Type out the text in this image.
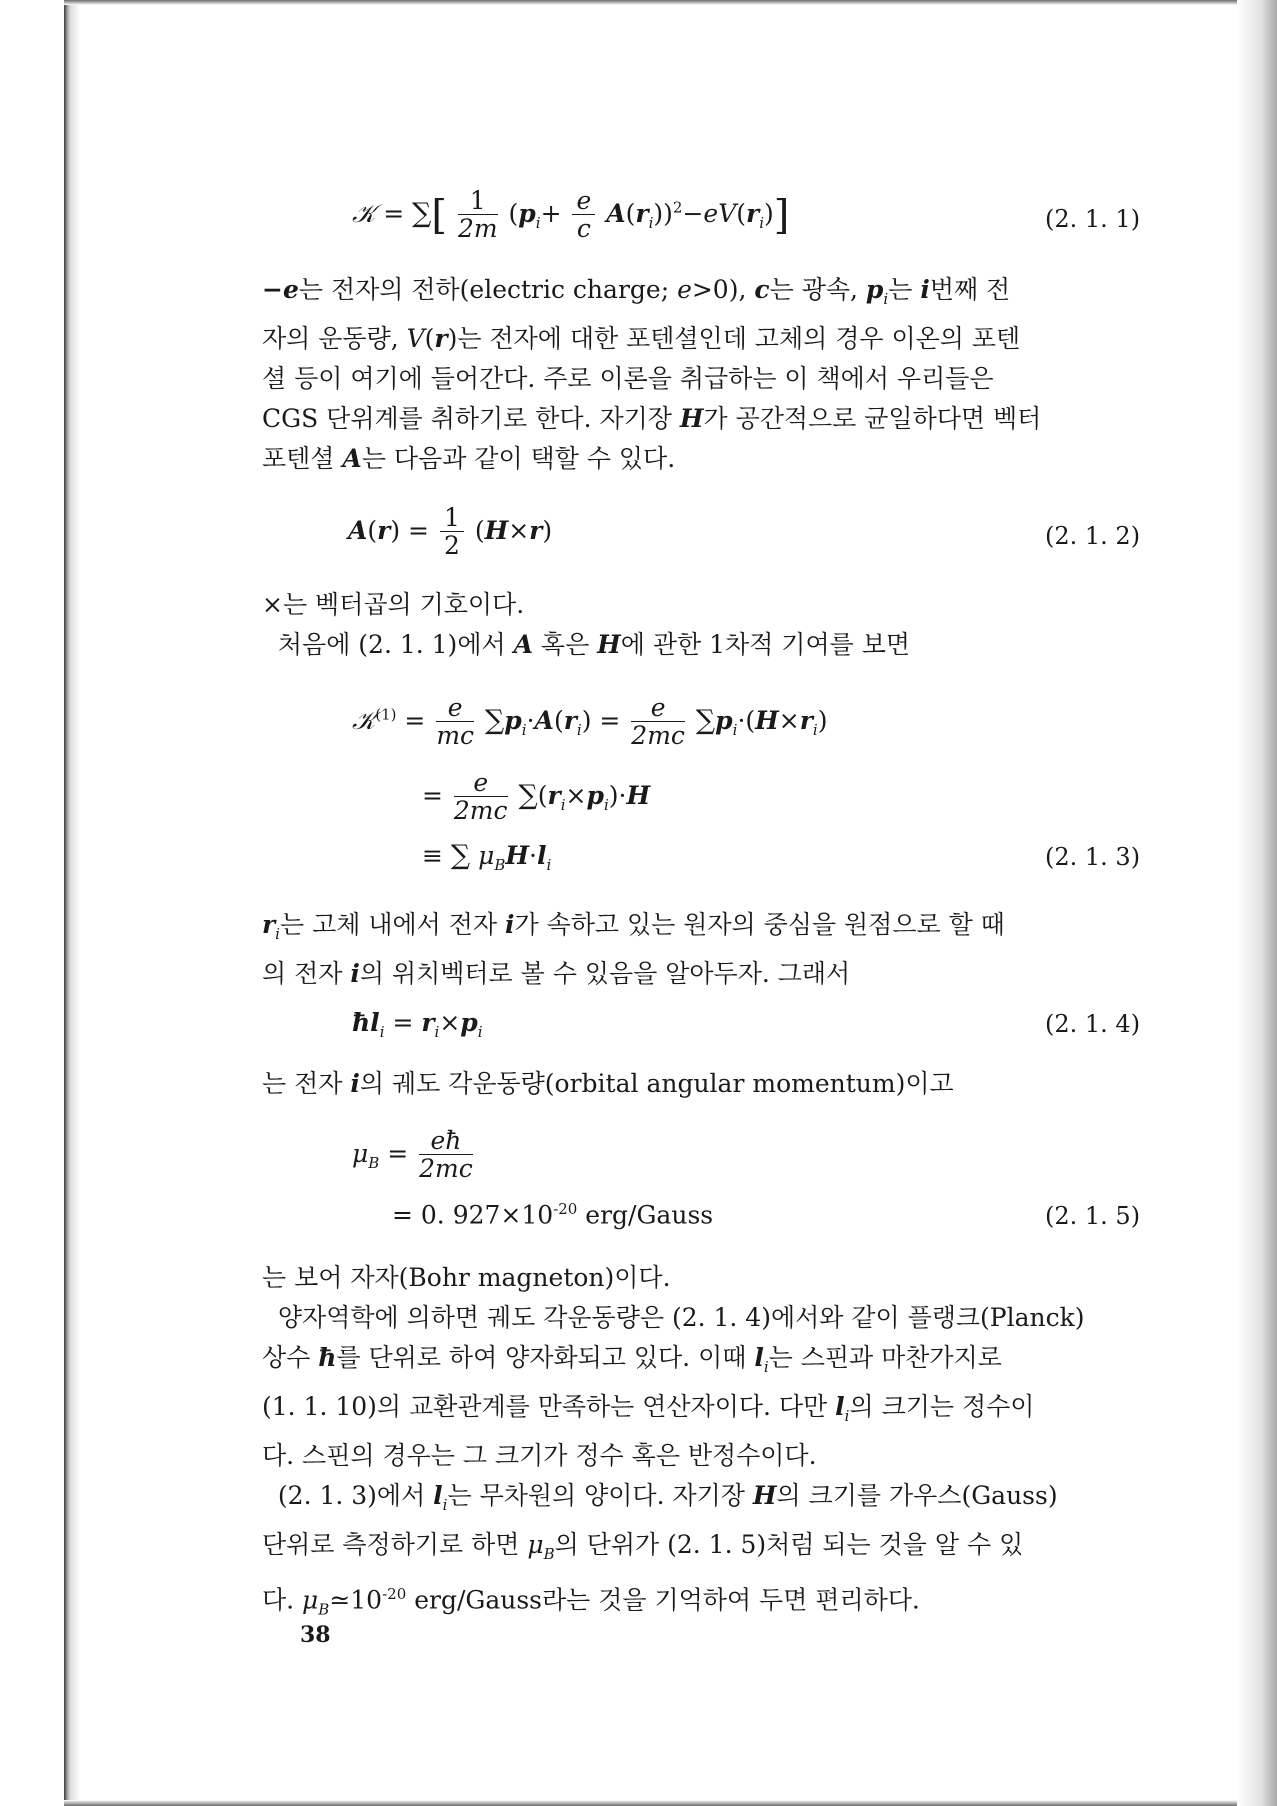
𝒦 = ∑[ $\frac{1}{2m} (p_i+ \frac{e}{c} A(r_i))^2-eV(r_i)$]	(2. 1. 1)
−e는 전자의 전하(electric charge; e>0), c는 광속, $p_i$는 i번째 전
자의 운동량, V(r)는 전자에 대한 포텐셜인데 고체의 경우 이온의 포텐
셜 등이 여기에 들어간다. 주로 이론을 취급하는 이 책에서 우리들은
CGS 단위계를 취하기로 한다. 자기장 H가 공간적으로 균일하다면 벡터
포텐셜 A는 다음과 같이 택할 수 있다.
$A(r) = \frac{1}{2} (H\times r)$	(2. 1. 2)
×는 벡터곱의 기호이다.
처음에 (2. 1. 1)에서 A 혹은 H에 관한 1차적 기여를 보면
𝒦$^{(1)}$ = $\frac{e}{mc} \sum p_i\cdot A(r_i) = \frac{e}{2mc} \sum p_i\cdot(H\times r_i)$
= $\frac{e}{2mc} \sum(r_i\times p_i)\cdot H$
≡ ∑ $\mu_BH\cdot l_i$	(2. 1. 3)
$r_i$는 고체 내에서 전자 i가 속하고 있는 원자의 중심을 원점으로 할 때
의 전자 i의 위치벡터로 볼 수 있음을 알아두자. 그래서
$ħl_i = r_i\times p_i$	(2. 1. 4)
는 전자 i의 궤도 각운동량(orbital angular momentum)이고
$\mu_B = \frac{eħ}{2mc}$
= 0. $927\times 10^{-20}$ erg/Gauss	(2. 1. 5)
는 보어 자자(Bohr magneton)이다.
양자역학에 의하면 궤도 각운동량은 (2. 1. 4)에서와 같이 플랭크(Planck)
상수 ħ를 단위로 하여 양자화되고 있다. 이때 $l_i$는 스핀과 마찬가지로
(1. 1. 10)의 교환관계를 만족하는 연산자이다. 다만 $l_i$의 크기는 정수이
다. 스핀의 경우는 그 크기가 정수 혹은 반정수이다.
(2. 1. 3)에서 $l_i$는 무차원의 양이다. 자기장 H의 크기를 가우스(Gauss)
단위로 측정하기로 하면 $\mu_B$의 단위가 (2. 1. 5)처럼 되는 것을 알 수 있
다. $\mu_B≃10^{-20}$ erg/Gauss라는 것을 기억하여 두면 편리하다.
38
